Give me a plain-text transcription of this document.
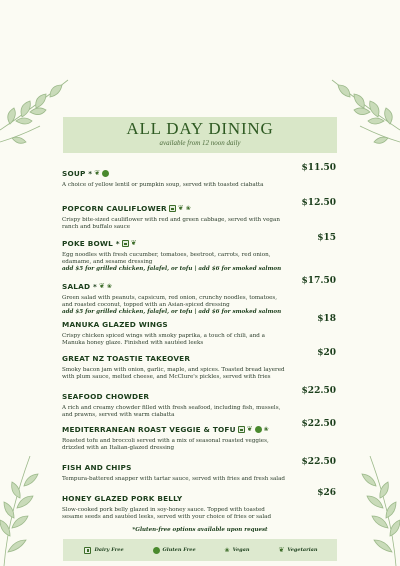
ALL DAY DINING
available from 12 noon daily
SOUP * ❦	$11.50
A choice of yellow lentil or pumpkin soup, served with toasted ciabatta
POPCORN CAULIFLOWER ❦ ❀
$12.50
Crispy bite-sized cauliflower with red and green cabbage, served with vegan ranch and buffalo sauce
POKE BOWL * ❦	$15
Egg noodles with fresh cucumber, tomatoes, beetroot, carrots, red onion, edamame, and sesame dressing
add $5 for grilled chicken, falafel, or tofu | add $6 for smoked salmon
SALAD * ❦ ❀
$17.50
Green salad with peanuts, capsicum, red onion, crunchy noodles, tomatoes, and roasted coconut, topped with an Asian-spiced dressing
add $5 for grilled chicken, falafel, or tofu | add $6 for smoked salmon
MANUKA GLAZED WINGS
$18
Crispy chicken spiced wings with smoky paprika, a touch of chili, and a Manuka honey glaze. Finished with sautéed leeks
GREAT NZ TOASTIE TAKEOVER
$20
Smoky bacon jam with onion, garlic, maple, and spices. Toasted bread layered with plum sauce, melted cheese, and McClure's pickles, served with fries
SEAFOOD CHOWDER
$22.50
A rich and creamy chowder filled with fresh seafood, including fish, mussels, and prawns, served with warm ciabatta
MEDITERRANEAN ROAST VEGGIE & TOFU ❦ ❀
$22.50
Roasted tofu and broccoli served with a mix of seasonal roasted veggies, drizzled with an Italian-glazed dressing
FISH AND CHIPS
$22.50
Tempura-battered snapper with tartar sauce, served with fries and fresh salad
HONEY GLAZED PORK BELLY
$26
Slow-cooked pork belly glazed in soy-honey sauce. Topped with toasted sesame seeds and sautéed leeks, served with your choice of fries or salad
*Gluten-free options available upon request
Dairy Free	Gluten Free	❀ Vegan	❦ Vegetarian
